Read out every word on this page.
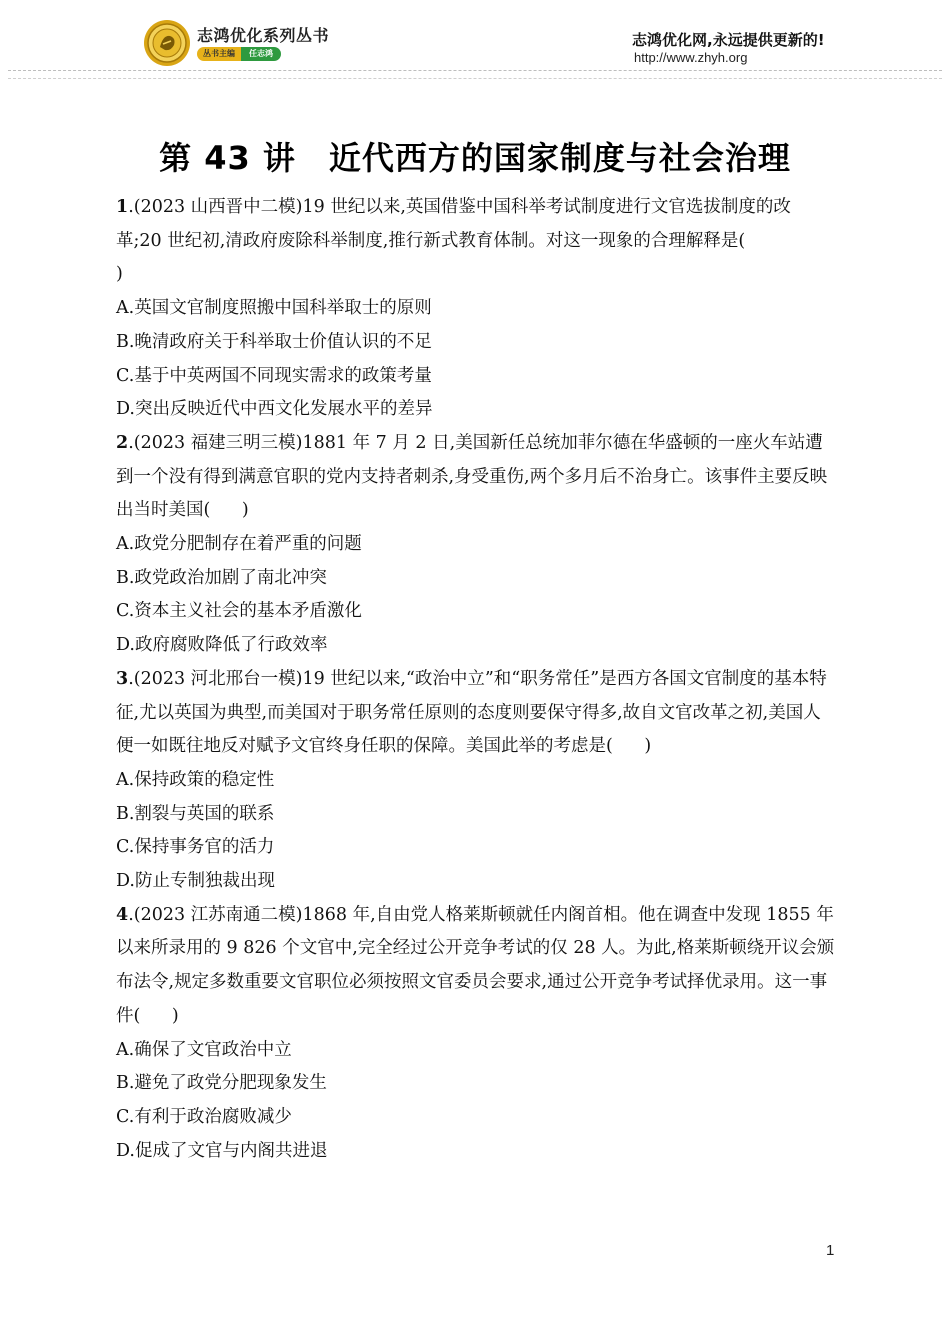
志鸿优化系列丛书
丛书主编	任志鸿
志鸿优化网,永远提供更新的!
http://www.zhyh.org
第 43 讲　近代西方的国家制度与社会治理

1.(2023 山西晋中二模)19 世纪以来,英国借鉴中国科举考试制度进行文官选拔制度的改革;20 世纪初,清政府废除科举制度,推行新式教育体制。对这一现象的合理解释是(
)

A.英国文官制度照搬中国科举取士的原则

B.晚清政府关于科举取士价值认识的不足

C.基于中英两国不同现实需求的政策考量

D.突出反映近代中西文化发展水平的差异

2.(2023 福建三明三模)1881 年 7 月 2 日,美国新任总统加菲尔德在华盛顿的一座火车站遭到一个没有得到满意官职的党内支持者刺杀,身受重伤,两个多月后不治身亡。该事件主要反映出当时美国( )

A.政党分肥制存在着严重的问题

B.政党政治加剧了南北冲突

C.资本主义社会的基本矛盾激化

D.政府腐败降低了行政效率

3.(2023 河北邢台一模)19 世纪以来,“政治中立”和“职务常任”是西方各国文官制度的基本特征,尤以英国为典型,而美国对于职务常任原则的态度则要保守得多,故自文官改革之初,美国人便一如既往地反对赋予文官终身任职的保障。美国此举的考虑是( )

A.保持政策的稳定性

B.割裂与英国的联系

C.保持事务官的活力

D.防止专制独裁出现

4.(2023 江苏南通二模)1868 年,自由党人格莱斯顿就任内阁首相。他在调查中发现 1855 年以来所录用的 9 826 个文官中,完全经过公开竞争考试的仅 28 人。为此,格莱斯顿绕开议会颁布法令,规定多数重要文官职位必须按照文官委员会要求,通过公开竞争考试择优录用。这一事件( )

A.确保了文官政治中立

B.避免了政党分肥现象发生

C.有利于政治腐败减少

D.促成了文官与内阁共进退

1
